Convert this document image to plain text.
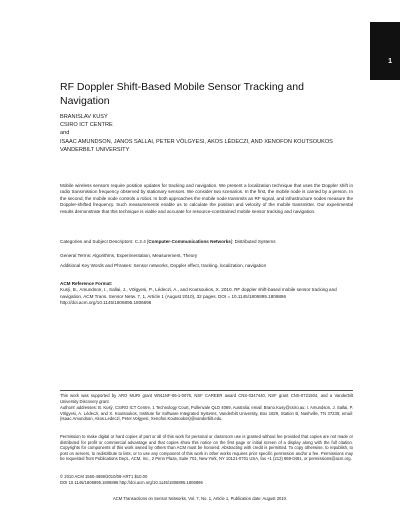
1
RF Doppler Shift-Based Mobile Sensor Tracking and Navigation
BRANISLAV KUSÝ
CSIRO ICT CENTRE
and
ISAAC AMUNDSON, JANOS SALLAI, PETER VÖLGYESI, AKOS LÉDECZI, AND XENOFON KOUTSOUKOS
VANDERBILT UNIVERSITY
Mobile wireless sensors require position updates for tracking and navigation. We present a localization technique that uses the Doppler shift in radio transmission frequency observed by stationary sensors. We consider two scenarios. In the first, the mobile node is carried by a person. In the second, the mobile node controls a robot. In both approaches the mobile node transmits an RF signal, and infrastructure nodes measure the Doppler-shifted frequency. Such measurements enable us to calculate the position and velocity of the mobile transmitter. Our experimental results demonstrate that this technique is viable and accurate for resource-constrained mobile sensor tracking and navigation.
Categories and Subject Descriptors: C.2.4 [Computer-Communications Networks]: Distributed Systems
General Terms: Algorithms, Experimentation, Measurement, Theory
Additional Key Words and Phrases: Sensor networks, Doppler effect, tracking, localization, navigation
ACM Reference Format:
Kusý, B., Amundson, I., Sallai, J., Völgyesi, P., Lédeczi, A., and Koutsoukos, X. 2010. RF doppler shift-based mobile sensor tracking and navigation. ACM Trans. Sensor Netw. 7, 1, Article 1 (August 2010), 32 pages. DOI = 10.1145/1806895.1806896 http://doi.acm.org/10.1145/1806895.1806896
This work was supported by ARO MURI grant W911NF-06-1-0076, NSF CAREER award CNS-0347440, NSF grant CNS-0721604, and a Vanderbilt University Discovery grant.
Authors' addresses: B. Kusý, CSIRO ICT Centre, 1 Technology Court, Pullenvale QLD 4069, Australia; email: Brano.Kusy@csiro.au; I. Amundson, J. Sallai, P. Völgyesi, A. Lédeczi, and X. Koutsoukos, Institute for Software Integrated Systems, Vanderbilt University, Box 1829, Station B, Nashville, TN 37235; email: {Isaac.Amundson, Akos.Ledeczi, Peter.Volgyesi, Xenofon.Koutsoukos}@vanderbilt.edu.
Permission to make digital or hard copies of part or all of this work for personal or classroom use is granted without fee provided that copies are not made or distributed for profit or commercial advantage and that copies show this notice on the first page or initial screen of a display along with the full citation. Copyrights for components of this work owned by others than ACM must be honored. Abstracting with credit is permitted. To copy otherwise, to republish, to post on servers, to redistribute to lists, or to use any component of this work in other works requires prior specific permission and/or a fee. Permissions may be requested from Publications Dept., ACM, Inc., 2 Penn Plaza, Suite 701, New York, NY 10121-0701 USA, fax +1 (212) 869-0481, or permissions@acm.org.
© 2010 ACM 1550-4859/2010/08-ART1 $10.00
DOI 10.1145/1806895.1806896 http://doi.acm.org/10.1145/1806895.1806896
ACM Transactions on Sensor Networks, Vol. 7, No. 1, Article 1, Publication date: August 2010.
